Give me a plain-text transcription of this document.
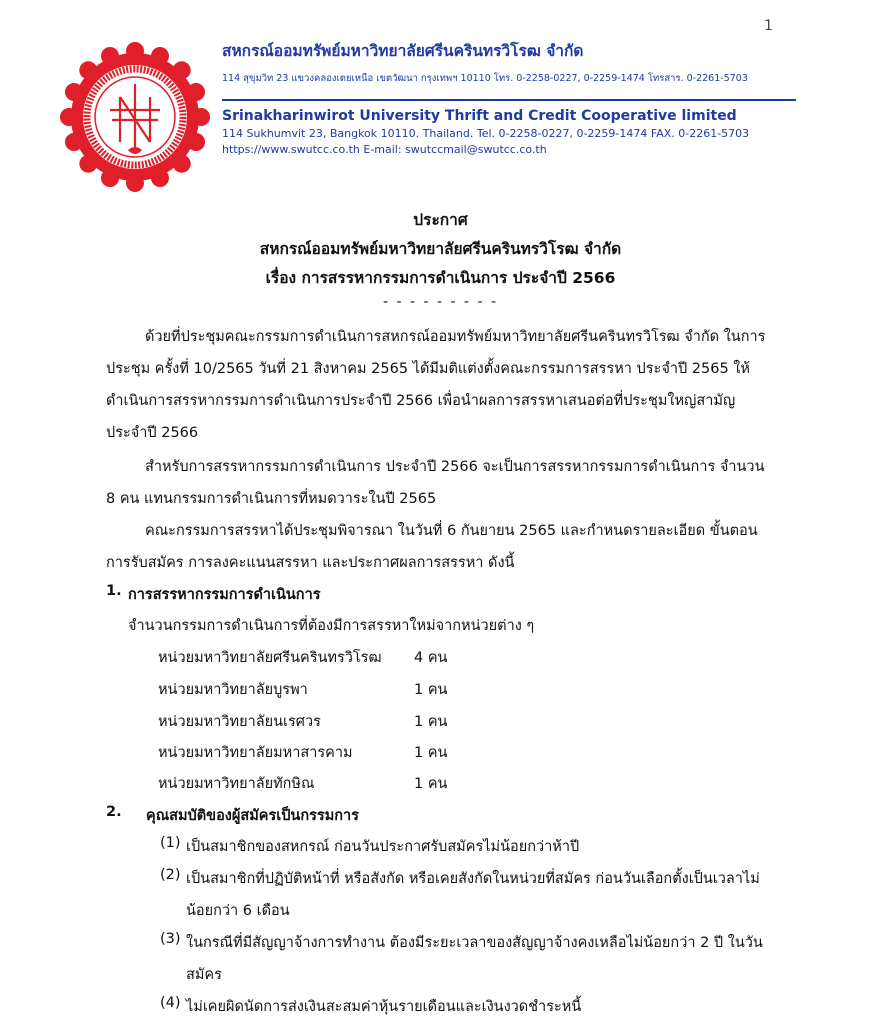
1
สหกรณ์ออมทรัพย์มหาวิทยาลัยศรีนครินทรวิโรฒ จำกัด
114 สุขุมวิท 23 แขวงคลองเตยเหนือ เขตวัฒนา กรุงเทพฯ 10110 โทร. 0-2258-0227, 0-2259-1474 โทรสาร. 0-2261-5703
Srinakharinwirot University Thrift and Credit Cooperative limited
114 Sukhumvit 23, Bangkok 10110. Thailand. Tel. 0-2258-0227, 0-2259-1474 FAX. 0-2261-5703
https://www.swutcc.co.th E-mail: swutccmail@swutcc.co.th
ประกาศ
สหกรณ์ออมทรัพย์มหาวิทยาลัยศรีนครินทรวิโรฒ จำกัด
เรื่อง การสรรหากรรมการดำเนินการ ประจำปี 2566
- - - - - - - - -
ด้วยที่ประชุมคณะกรรมการดำเนินการสหกรณ์ออมทรัพย์มหาวิทยาลัยศรีนครินทรวิโรฒ จำกัด ในการ
ประชุม ครั้งที่ 10/2565 วันที่ 21 สิงหาคม 2565 ได้มีมติแต่งตั้งคณะกรรมการสรรหา ประจำปี 2565 ให้
ดำเนินการสรรหากรรมการดำเนินการประจำปี 2566 เพื่อนำผลการสรรหาเสนอต่อที่ประชุมใหญ่สามัญ
ประจำปี 2566
สำหรับการสรรหากรรมการดำเนินการ ประจำปี 2566 จะเป็นการสรรหากรรมการดำเนินการ จำนวน
8 คน แทนกรรมการดำเนินการที่หมดวาระในปี 2565
คณะกรรมการสรรหาได้ประชุมพิจารณา ในวันที่ 6 กันยายน 2565 และกำหนดรายละเอียด ขั้นตอน
การรับสมัคร การลงคะแนนสรรหา และประกาศผลการสรรหา ดังนี้
1. การสรรหากรรมการดำเนินการ
จำนวนกรรมการดำเนินการที่ต้องมีการสรรหาใหม่จากหน่วยต่าง ๆ
หน่วยมหาวิทยาลัยศรีนครินทรวิโรฒ 4 คน
หน่วยมหาวิทยาลัยบูรพา	1 คน
หน่วยมหาวิทยาลัยนเรศวร	1 คน
หน่วยมหาวิทยาลัยมหาสารคาม	1 คน
หน่วยมหาวิทยาลัยทักษิณ	1 คน
2. คุณสมบัติของผู้สมัครเป็นกรรมการ
(1) เป็นสมาชิกของสหกรณ์ ก่อนวันประกาศรับสมัครไม่น้อยกว่าห้าปี
(2) เป็นสมาชิกที่ปฏิบัติหน้าที่ หรือสังกัด หรือเคยสังกัดในหน่วยที่สมัคร ก่อนวันเลือกตั้งเป็นเวลาไม่
น้อยกว่า 6 เดือน
(3) ในกรณีที่มีสัญญาจ้างการทำงาน ต้องมีระยะเวลาของสัญญาจ้างคงเหลือไม่น้อยกว่า 2 ปี ในวัน
สมัคร
(4) ไม่เคยผิดนัดการส่งเงินสะสมค่าหุ้นรายเดือนและเงินงวดชำระหนี้
